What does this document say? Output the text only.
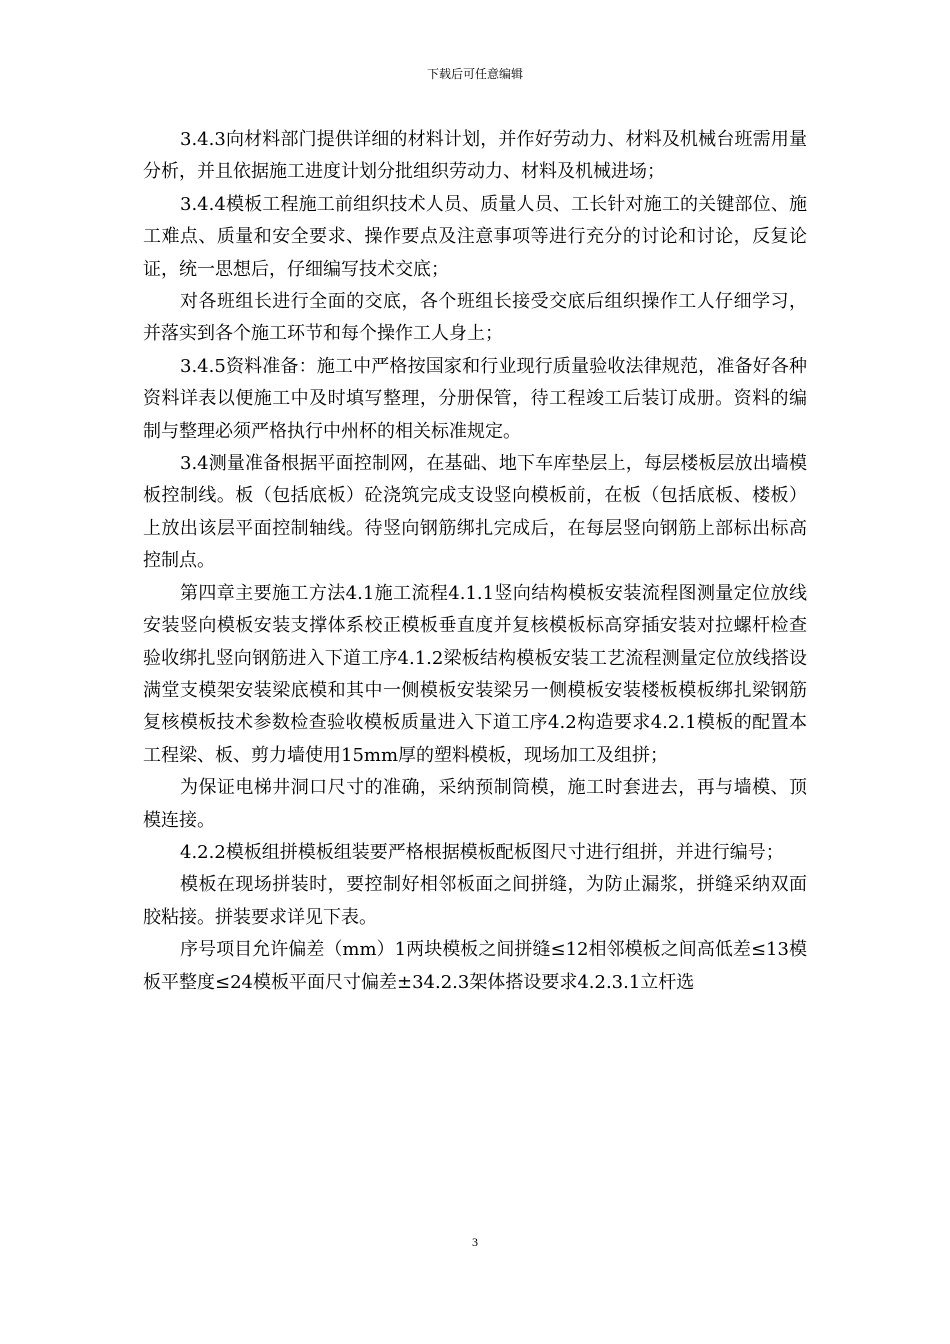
下载后可任意编辑

3.4.3向材料部门提供详细的材料计划，并作好劳动力、材料及机械台班需用量分析，并且依据施工进度计划分批组织劳动力、材料及机械进场；

3.4.4模板工程施工前组织技术人员、质量人员、工长针对施工的关键部位、施工难点、质量和安全要求、操作要点及注意事项等进行充分的讨论和讨论，反复论证，统一思想后，仔细编写技术交底；

对各班组长进行全面的交底，各个班组长接受交底后组织操作工人仔细学习，并落实到各个施工环节和每个操作工人身上；

3.4.5资料准备：施工中严格按国家和行业现行质量验收法律规范，准备好各种资料详表以便施工中及时填写整理，分册保管，待工程竣工后装订成册。资料的编制与整理必须严格执行中州杯的相关标准规定。

3.4测量准备根据平面控制网，在基础、地下车库垫层上，每层楼板层放出墙模板控制线。板（包括底板）砼浇筑完成支设竖向模板前，在板（包括底板、楼板）上放出该层平面控制轴线。待竖向钢筋绑扎完成后，在每层竖向钢筋上部标出标高控制点。

第四章主要施工方法4.1施工流程4.1.1竖向结构模板安装流程图测量定位放线安装竖向模板安装支撑体系校正模板垂直度并复核模板标高穿插安装对拉螺杆检查验收绑扎竖向钢筋进入下道工序4.1.2梁板结构模板安装工艺流程测量定位放线搭设满堂支模架安装梁底模和其中一侧模板安装梁另一侧模板安装楼板模板绑扎梁钢筋复核模板技术参数检查验收模板质量进入下道工序4.2构造要求4.2.1模板的配置本工程梁、板、剪力墙使用15mm厚的塑料模板，现场加工及组拼；

为保证电梯井洞口尺寸的准确，采纳预制筒模，施工时套进去，再与墙模、顶模连接。

4.2.2模板组拼模板组装要严格根据模板配板图尺寸进行组拼，并进行编号；

模板在现场拼装时，要控制好相邻板面之间拼缝，为防止漏浆，拼缝采纳双面胶粘接。拼装要求详见下表。

序号项目允许偏差（mm）1两块模板之间拼缝≤12相邻模板之间高低差≤13模板平整度≤24模板平面尺寸偏差±34.2.3架体搭设要求4.2.3.1立杆选

3
